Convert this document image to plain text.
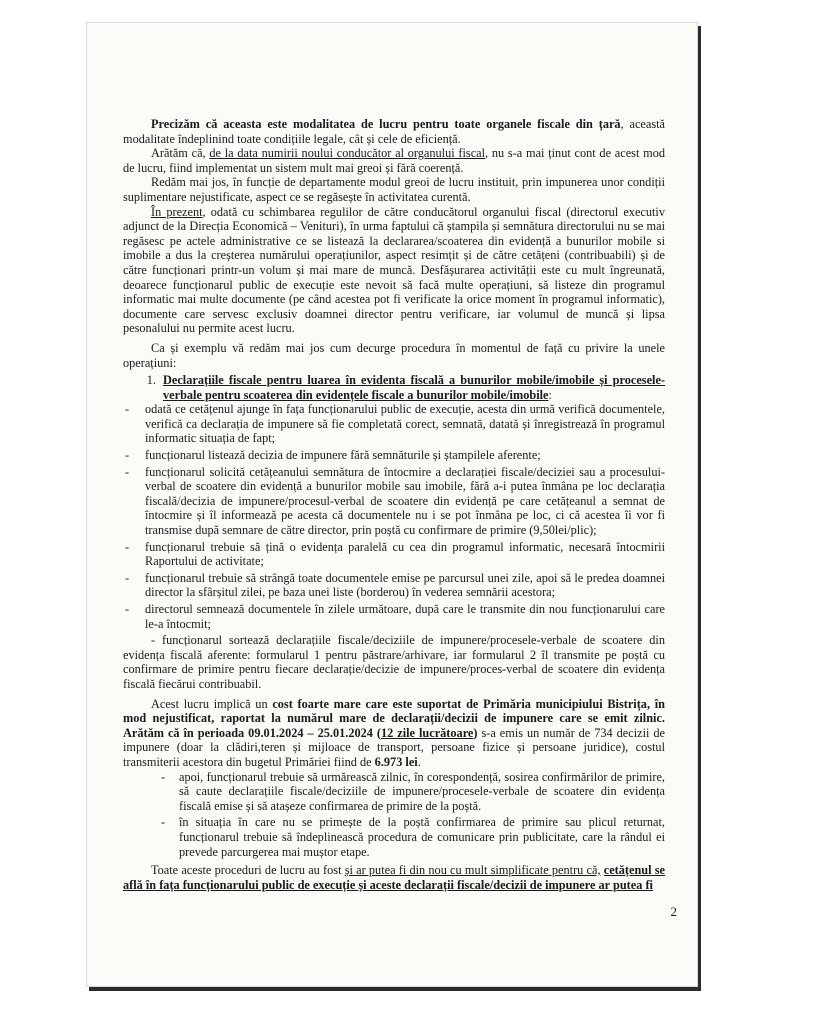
Precizăm că aceasta este modalitatea de lucru pentru toate organele fiscale din țară, această modalitate îndeplinind toate condițiile legale, cât și cele de eficiență.

Arătăm că, de la data numirii noului conducător al organului fiscal, nu s-a mai ținut cont de acest mod de lucru, fiind implementat un sistem mult mai greoi și fără coerență.

Redăm mai jos, în funcție de departamente modul greoi de lucru instituit, prin impunerea unor condiții suplimentare nejustificate, aspect ce se regăsește în activitatea curentă.

În prezent, odată cu schimbarea regulilor de către conducătorul organului fiscal (directorul executiv adjunct de la Direcția Economică – Venituri), în urma faptului că ștampila și semnătura directorului nu se mai regăsesc pe actele administrative ce se listează la declararea/scoaterea din evidență a bunurilor mobile si imobile a dus la creșterea numărului operațiunilor, aspect resimțit și de către cetățeni (contribuabili) și de către funcționari printr-un volum și mai mare de muncă. Desfășurarea activității este cu mult îngreunată, deoarece funcționarul public de execuție este nevoit să facă multe operațiuni, să listeze din programul informatic mai multe documente (pe când acestea pot fi verificate la orice moment în programul informatic), documente care servesc exclusiv doamnei director pentru verificare, iar volumul de muncă și lipsa pesonalului nu permite acest lucru.

Ca și exemplu vă redăm mai jos cum decurge procedura în momentul de față cu privire la unele operațiuni:

1. Declarațiile fiscale pentru luarea în evidenta fiscală a bunurilor mobile/imobile și procesele-verbale pentru scoaterea din evidențele fiscale a bunurilor mobile/imobile:
- odată ce cetățenul ajunge în fața funcționarului public de execuție, acesta din urmă verifică documentele, verifică ca declarația de impunere să fie completată corect, semnată, datată și înregistrează în programul informatic situația de fapt;
- funcționarul listează decizia de impunere fără semnăturile și ștampilele aferente;
- funcționarul solicită cetățeanului semnătura de întocmire a declarației fiscale/deciziei sau a procesului-verbal de scoatere din evidență a bunurilor mobile sau imobile, fără a-i putea înmâna pe loc declarația fiscală/decizia de impunere/procesul-verbal de scoatere din evidență pe care cetățeanul a semnat de întocmire și îl informează pe acesta că documentele nu i se pot înmâna pe loc, ci că acestea îi vor fi transmise după semnare de către director, prin poștă cu confirmare de primire (9,50lei/plic);
- funcționarul trebuie să țină o evidența paralelă cu cea din programul informatic, necesară întocmirii Raportului de activitate;
- funcționarul trebuie să strângă toate documentele emise pe parcursul unei zile, apoi să le predea doamnei director la sfârșitul zilei, pe baza unei liste (borderou) în vederea semnării acestora;
- directorul semnează documentele în zilele următoare, după care le transmite din nou funcționarului care le-a întocmit;

- funcționarul sortează declarațiile fiscale/deciziile de impunere/procesele-verbale de scoatere din evidența fiscală aferente: formularul 1 pentru păstrare/arhivare, iar formularul 2 îl transmite pe poștă cu confirmare de primire pentru fiecare declarație/decizie de impunere/proces-verbal de scoatere din evidența fiscală fiecărui contribuabil.

Acest lucru implică un cost foarte mare care este suportat de Primăria municipiului Bistrița, în mod nejustificat, raportat la numărul mare de declarații/decizii de impunere care se emit zilnic. Arătăm că în perioada 09.01.2024 – 25.01.2024 (12 zile lucrătoare) s-a emis un număr de 734 decizii de impunere (doar la clădiri,teren și mijloace de transport, persoane fizice și persoane juridice), costul transmiterii acestora din bugetul Primăriei fiind de 6.973 lei.

- apoi, funcționarul trebuie să urmărească zilnic, în corespondență, sosirea confirmărilor de primire, să caute declarațiile fiscale/deciziile de impunere/procesele-verbale de scoatere din evidența fiscală emise și să atașeze confirmarea de primire de la poștă.
- în situația în care nu se primește de la poștă confirmarea de primire sau plicul returnat, funcționarul trebuie să îndeplinească procedura de comunicare prin publicitate, care la rândul ei prevede parcurgerea mai muștor etape.

Toate aceste proceduri de lucru au fost și ar putea fi din nou cu mult simplificate pentru că, cetățenul se află în fața funcționarului public de execuție și aceste declarații fiscale/decizii de impunere ar putea fi

2
